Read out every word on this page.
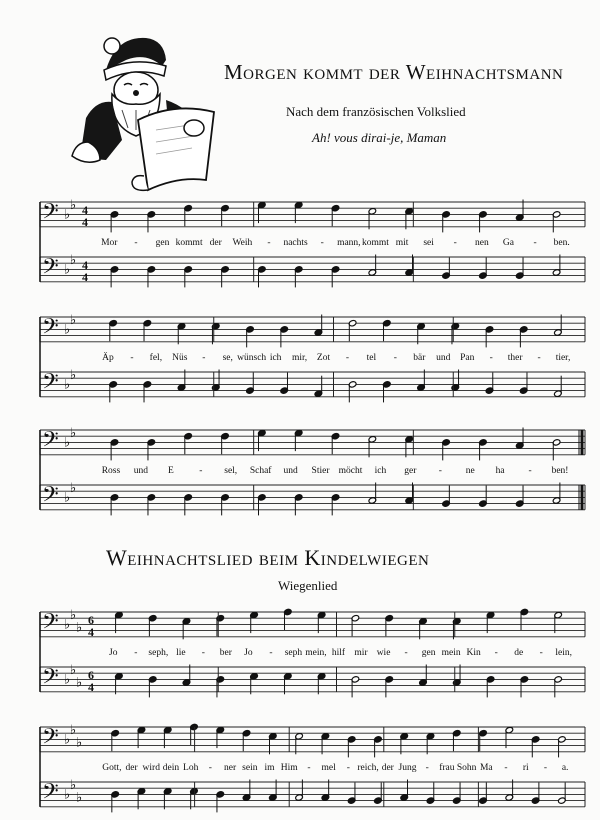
Morgen kommt der Weihnachtsmann
Nach dem französischen Volkslied
Ah! vous dirai-je, Maman
Weihnachtslied beim Kindelwiegen
Wiegenlied
𝄢 ♭
♭ 4
4
Mor - gen kommt der Weih - nachts - mann, kommt mit sei - nen Ga - ben.
𝄢 ♭
♭ 4
4
𝄢 ♭
♭
Äp - fel, Nüs - se, wünsch ich mir, Zot - tel - bär und Pan - ther - tier,
𝄢 ♭
♭
𝄢 ♭
♭
Ross und E	- sel, Schaf und Stier möcht ich ger -	ne ha	- ben!
𝄢 ♭
♭
𝄢 ♭
♭
♭
6
4
Jo - seph, lie - ber Jo - seph mein, hilf mir wie - gen mein Kin - de - lein,
𝄢 ♭
♭
♭
6
4
𝄢 ♭
♭
♭
Gott, der wird dein Loh - ner sein im Him - mel - reich, der Jung - frau Sohn Ma - ri - a.
𝄢 ♭
♭
♭
